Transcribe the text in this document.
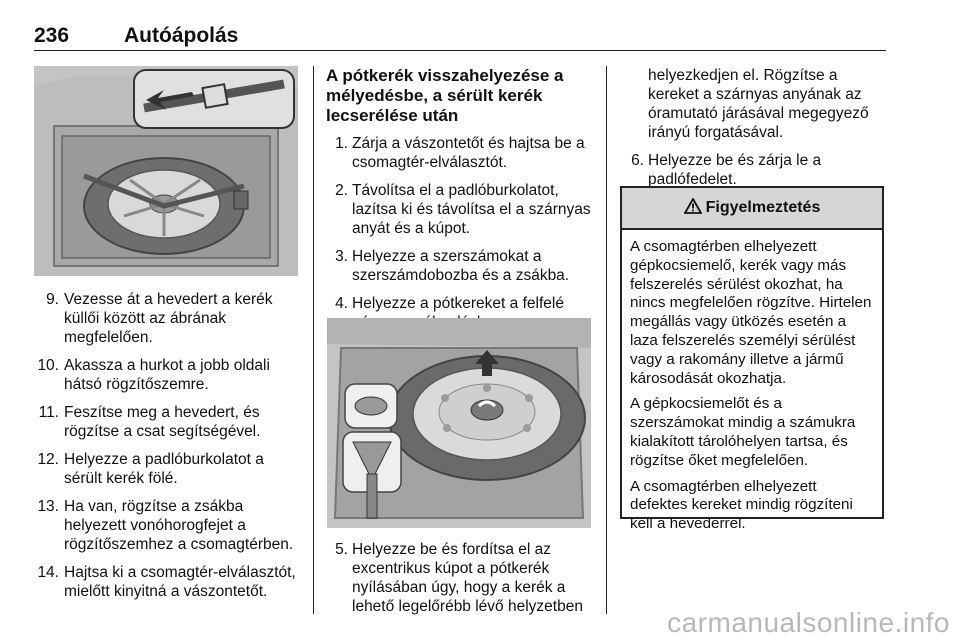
236	Autóápolás
9. Vezesse át a hevedert a kerék küllői között az ábrának megfelelően.
10. Akassza a hurkot a jobb oldali hátsó rögzítőszemre.
11. Feszítse meg a hevedert, és rögzítse a csat segítségével.
12. Helyezze a padlóburkolatot a sérült kerék fölé.
13. Ha van, rögzítse a zsákba helyezett vonóhorogfejet a rögzítőszemhez a csomagtérben.
14. Hajtsa ki a csomagtér-elválasztót, mielőtt kinyitná a vászontetőt.
A pótkerék visszahelyezése a mélyedésbe, a sérült kerék lecserélése után
1. Zárja a vászontetőt és hajtsa be a csomagtér-elválasztót.
2. Távolítsa el a padlóburkolatot, lazítsa ki és távolítsa el a szárnyas anyát és a kúpot.
3. Helyezze a szerszámokat a szerszámdobozba és a zsákba.
4. Helyezze a pótkereket a felfelé
5. Helyezze be és fordítsa el az excentrikus kúpot a pótkerék nyílásában úgy, hogy a kerék a lehető legelőrébb lévő helyzetben
helyezkedjen el. Rögzítse a kereket a szárnyas anyának az óramutató járásával megegyező irányú forgatásával.
6. Helyezze be és zárja le a padlófedelet.
Figyelmeztetés

A csomagtérben elhelyezett gépkocsiemelő, kerék vagy más felszerelés sérülést okozhat, ha nincs megfelelően rögzítve. Hirtelen megállás vagy ütközés esetén a laza felszerelés személyi sérülést vagy a rakomány illetve a jármű károsodását okozhatja.

A gépkocsiemelőt és a szerszámokat mindig a számukra kialakított tárolóhelyen tartsa, és rögzítse őket megfelelően.

A csomagtérben elhelyezett defektes kereket mindig rögzíteni kell a hevederrel.

carmanualsonline.info
